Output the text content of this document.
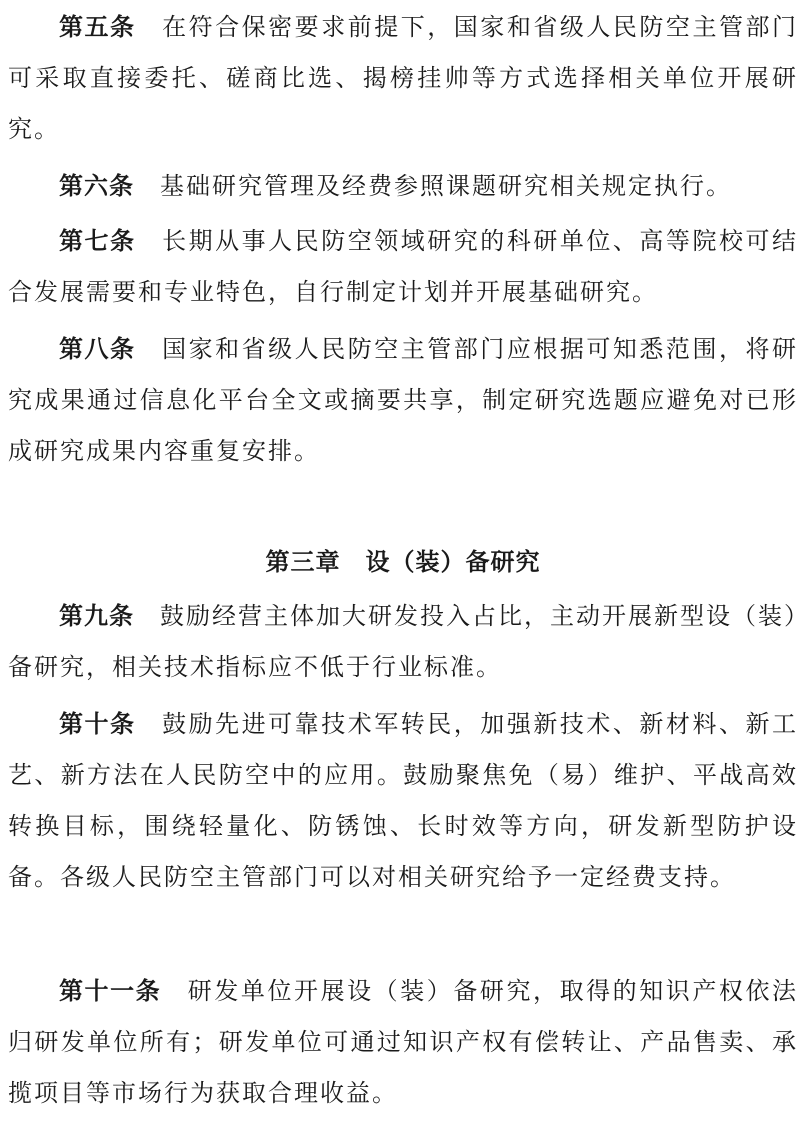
第五条 在符合保密要求前提下，国家和省级人民防空主管部门可采取直接委托、磋商比选、揭榜挂帅等方式选择相关单位开展研究。

第六条 基础研究管理及经费参照课题研究相关规定执行。

第七条 长期从事人民防空领域研究的科研单位、高等院校可结合发展需要和专业特色，自行制定计划并开展基础研究。

第八条 国家和省级人民防空主管部门应根据可知悉范围，将研究成果通过信息化平台全文或摘要共享，制定研究选题应避免对已形成研究成果内容重复安排。

第三章　设（装）备研究

第九条 鼓励经营主体加大研发投入占比，主动开展新型设（装）备研究，相关技术指标应不低于行业标准。

第十条 鼓励先进可靠技术军转民，加强新技术、新材料、新工艺、新方法在人民防空中的应用。鼓励聚焦免（易）维护、平战高效转换目标，围绕轻量化、防锈蚀、长时效等方向，研发新型防护设备。各级人民防空主管部门可以对相关研究给予一定经费支持。

第十一条 研发单位开展设（装）备研究，取得的知识产权依法归研发单位所有；研发单位可通过知识产权有偿转让、产品售卖、承揽项目等市场行为获取合理收益。
